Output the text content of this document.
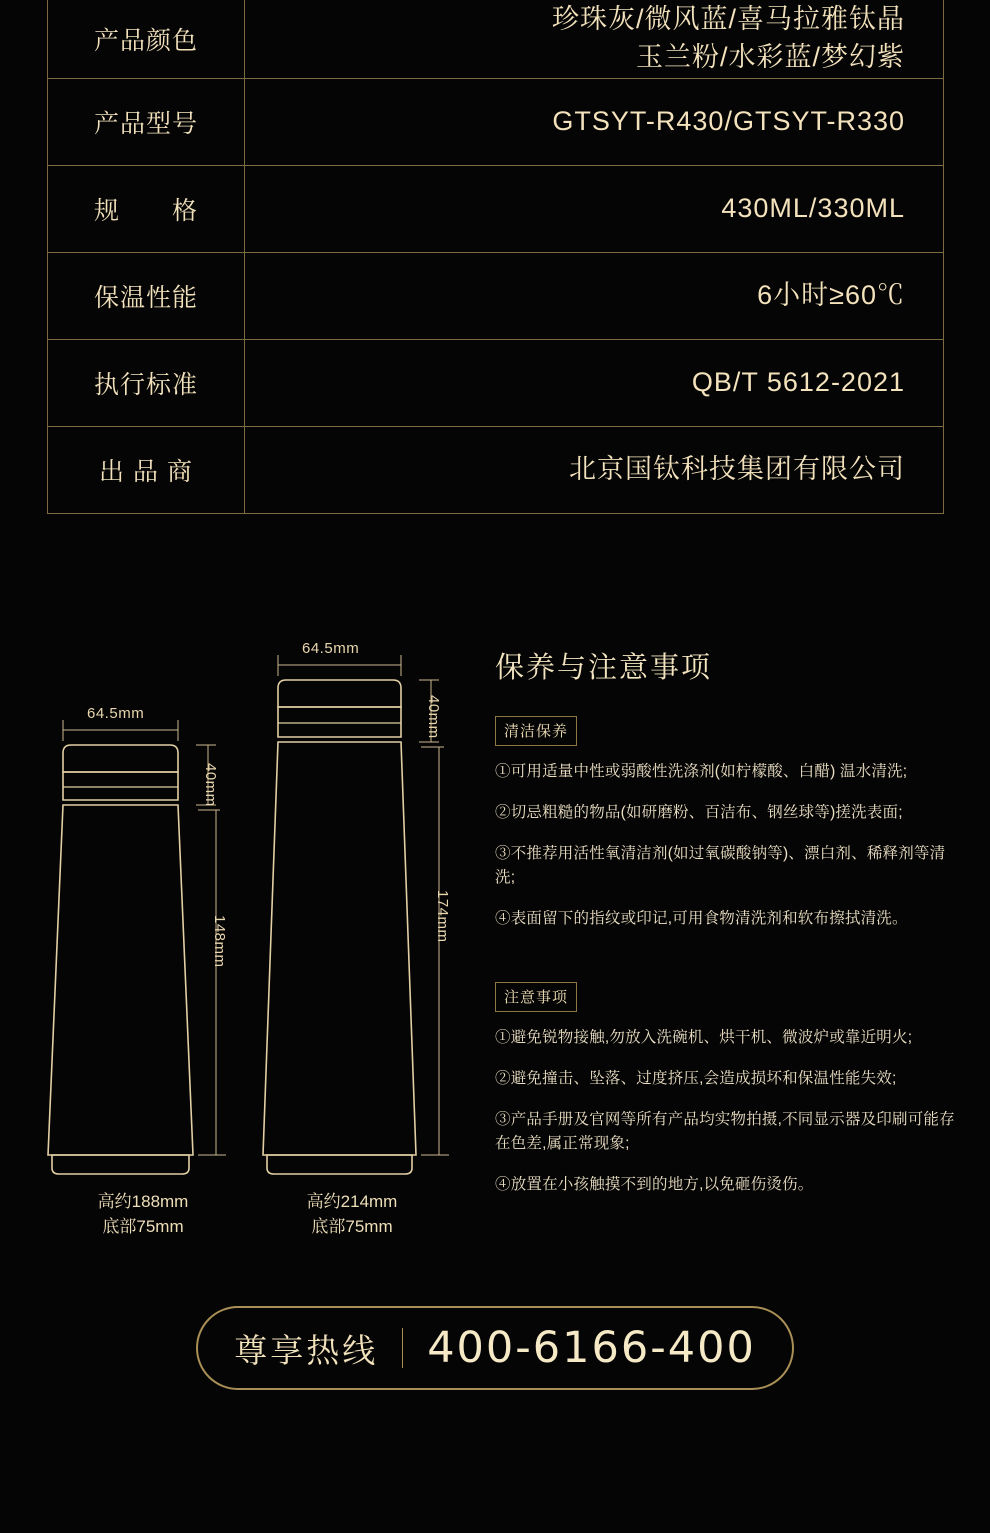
产品颜色	珍珠灰/微风蓝/喜马拉雅钛晶
玉兰粉/水彩蓝/梦幻紫

产品型号	GTSYT-R430/GTSYT-R330
规　　格	430ML/330ML
保温性能	6小时≥60℃
执行标准	QB/T 5612-2021
出 品 商	北京国钛科技集团有限公司
64.5mm
40mm
148mm
高约188mm
底部75mm
64.5mm
40mm
174mm
高约214mm
底部75mm
保养与注意事项
清洁保养

①可用适量中性或弱酸性洗涤剂(如柠檬酸、白醋) 温水清洗;

②切忌粗糙的物品(如研磨粉、百洁布、钢丝球等)搓洗表面;

③不推荐用活性氧清洁剂(如过氧碳酸钠等)、漂白剂、稀释剂等清洗;

④表面留下的指纹或印记,可用食物清洗剂和软布擦拭清洗。

注意事项

①避免锐物接触,勿放入洗碗机、烘干机、微波炉或靠近明火;

②避免撞击、坠落、过度挤压,会造成损坏和保温性能失效;

③产品手册及官网等所有产品均实物拍摄,不同显示器及印刷可能存在色差,属正常现象;

④放置在小孩触摸不到的地方,以免砸伤烫伤。

尊享热线 400-6166-400
